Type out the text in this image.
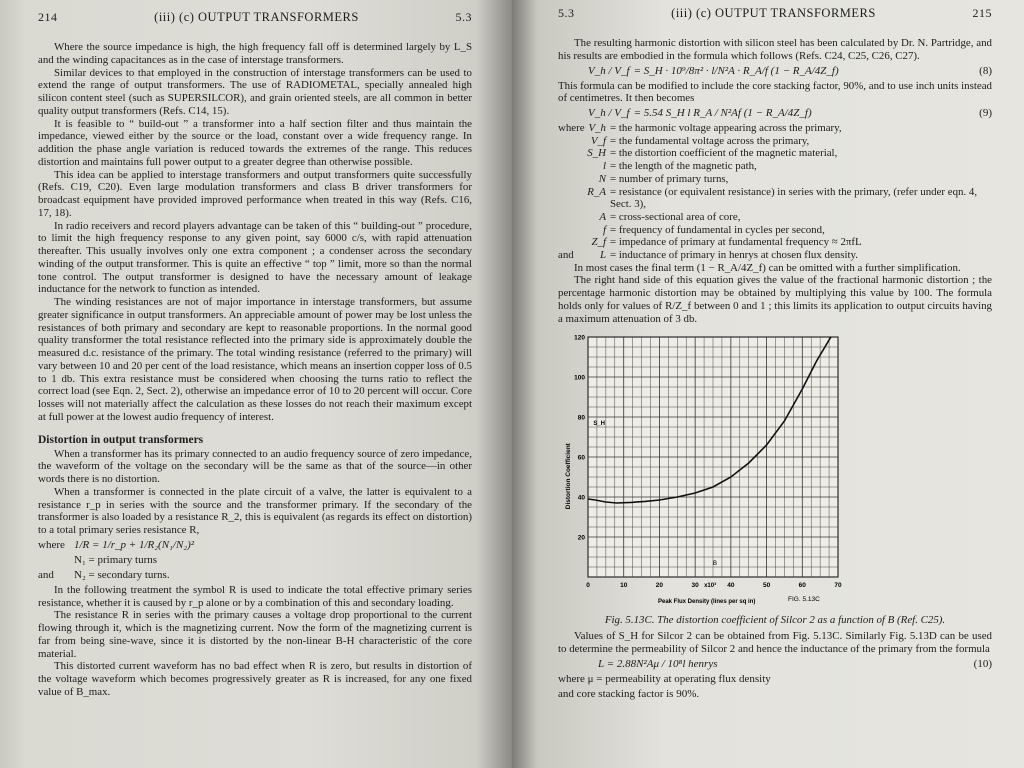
214	(iii) (c) OUTPUT TRANSFORMERS	5.3

Where the source impedance is high, the high frequency fall off is determined largely by L_S and the winding capacitances as in the case of interstage transformers.

Similar devices to that employed in the construction of interstage transformers can be used to extend the range of output transformers. The use of RADIOMETAL, specially annealed high silicon content steel (such as SUPERSILCOR), and grain oriented steels, are all common in better quality output transformers (Refs. C14, 15).

It is feasible to “ build-out ” a transformer into a half section filter and thus maintain the impedance, viewed either by the source or the load, constant over a wide frequency range. In addition the phase angle variation is reduced towards the extremes of the range. This reduces distortion and maintains full power output to a greater degree than otherwise possible.

This idea can be applied to interstage transformers and output transformers quite successfully (Refs. C19, C20). Even large modulation transformers and class B driver transformers for broadcast equipment have provided improved performance when treated in this way (Refs. C16, 17, 18).

In radio receivers and record players advantage can be taken of this “ building-out ” procedure, to limit the high frequency response to any given point, say 6000 c/s, with rapid attenuation thereafter. This usually involves only one extra component ; a condenser across the secondary winding of the output transformer. This is quite an effective “ top ” limit, more so than the normal tone control. The output transformer is designed to have the necessary amount of leakage inductance for the network to function as intended.

The winding resistances are not of major importance in interstage transformers, but assume greater significance in output transformers. An appreciable amount of power may be lost unless the resistances of both primary and secondary are kept to reasonable proportions. In the normal good quality transformer the total resistance reflected into the primary side is approximately double the measured d.c. resistance of the primary. The total winding resistance (referred to the primary) will vary between 10 and 20 per cent of the load resistance, which means an insertion copper loss of 0.5 to 1 db. This extra resistance must be considered when choosing the turns ratio to reflect the correct load (see Eqn. 2, Sect. 2), otherwise an impedance error of 10 to 20 percent will occur. Core losses will not materially affect the calculation as these losses do not reach their maximum except at full power at the lowest audio frequency of interest.

Distortion in output transformers

When a transformer has its primary connected to an audio frequency source of zero impedance, the waveform of the voltage on the secondary will be the same as that of the source—in other words there is no distortion.

When a transformer is connected in the plate circuit of a valve, the latter is equivalent to a resistance r_p in series with the source and the transformer primary. If the secondary of the transformer is also loaded by a resistance R_2, this is equivalent (as regards its effect on distortion) to a total primary series resistance R,

where 1/R = 1/r_p + 1/R₂(N₁/N₂)²
N₁ = primary turns
and	N₂ = secondary turns.

In the following treatment the symbol R is used to indicate the total effective primary series resistance, whether it is caused by r_p alone or by a combination of this and secondary loading.

The resistance R in series with the primary causes a voltage drop proportional to the current flowing through it, which is the magnetizing current. Now the form of the magnetizing current is far from being sine-wave, since it is distorted by the non-linear B-H characteristic of the core material.

This distorted current waveform has no bad effect when R is zero, but results in distortion of the voltage waveform which becomes progressively greater as R is increased, for any one fixed value of B_max.

5.3	(iii) (c) OUTPUT TRANSFORMERS	215

The resulting harmonic distortion with silicon steel has been calculated by Dr. N. Partridge, and his results are embodied in the formula which follows (Refs. C24, C25, C26, C27).

V_h / V_f = S_H · 10⁹/8π² · l/N²A · R_A/f (1 − R_A/4Z_f)	(8)

This formula can be modified to include the core stacking factor, 90%, and to use inch units instead of centimetres. It then becomes

V_h / V_f = 5.54 S_H l R_A / N²Af (1 − R_A/4Z_f)	(9)
where V_h = the harmonic voltage appearing across the primary,
V_f = the fundamental voltage across the primary,
S_H = the distortion coefficient of the magnetic material,
l = the length of the magnetic path,
N = number of primary turns,
R_A = resistance (or equivalent resistance) in series with the primary, (refer under eqn. 4, Sect. 3),
A = cross-sectional area of core,
f = frequency of fundamental in cycles per second,
Z_f = impedance of primary at fundamental frequency ≈ 2πfL
and	L = inductance of primary in henrys at chosen flux density.

In most cases the final term (1 − R_A/4Z_f) can be omitted with a further simplification.

The right hand side of this equation gives the value of the fractional harmonic distortion ; the percentage harmonic distortion may be obtained by multiplying this value by 100. The formula holds only for values of R/Z_f between 0 and 1 ; this limits its application to output circuits having a maximum attenuation of 3 db.

0	10	20	30	40	50	60	70
20
40
60
80
100
120
x10³
B
Peak Flux Density (lines per sq in)	FIG. 5.13C
Distortion Coefficient
S_H

Fig. 5.13C. The distortion coefficient of Silcor 2 as a function of B (Ref. C25).

Values of S_H for Silcor 2 can be obtained from Fig. 5.13C. Similarly Fig. 5.13D can be used to determine the permeability of Silcor 2 and hence the inductance of the primary from the formula

L = 2.88N²Aμ / 10⁸l henrys	(10)
where μ = permeability at operating flux density
and core stacking factor is 90%.
